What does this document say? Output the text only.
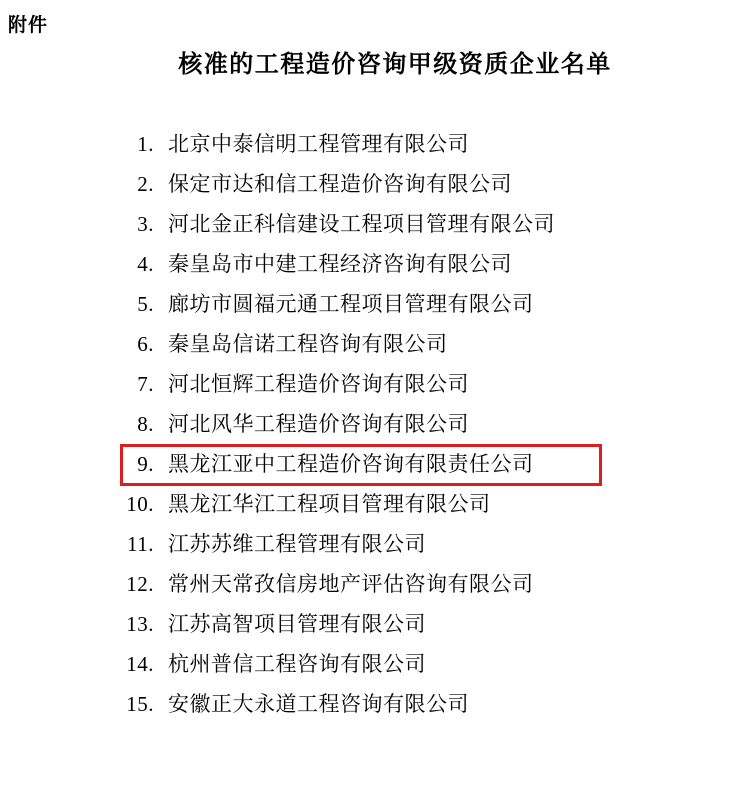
附件
核准的工程造价咨询甲级资质企业名单
1. 北京中泰信明工程管理有限公司
2. 保定市达和信工程造价咨询有限公司
3. 河北金正科信建设工程项目管理有限公司
4. 秦皇岛市中建工程经济咨询有限公司
5. 廊坊市圆福元通工程项目管理有限公司
6. 秦皇岛信诺工程咨询有限公司
7. 河北恒辉工程造价咨询有限公司
8. 河北风华工程造价咨询有限公司
9. 黑龙江亚中工程造价咨询有限责任公司
10. 黑龙江华江工程项目管理有限公司
11. 江苏苏维工程管理有限公司
12. 常州天常孜信房地产评估咨询有限公司
13. 江苏高智项目管理有限公司
14. 杭州普信工程咨询有限公司
15. 安徽正大永道工程咨询有限公司
